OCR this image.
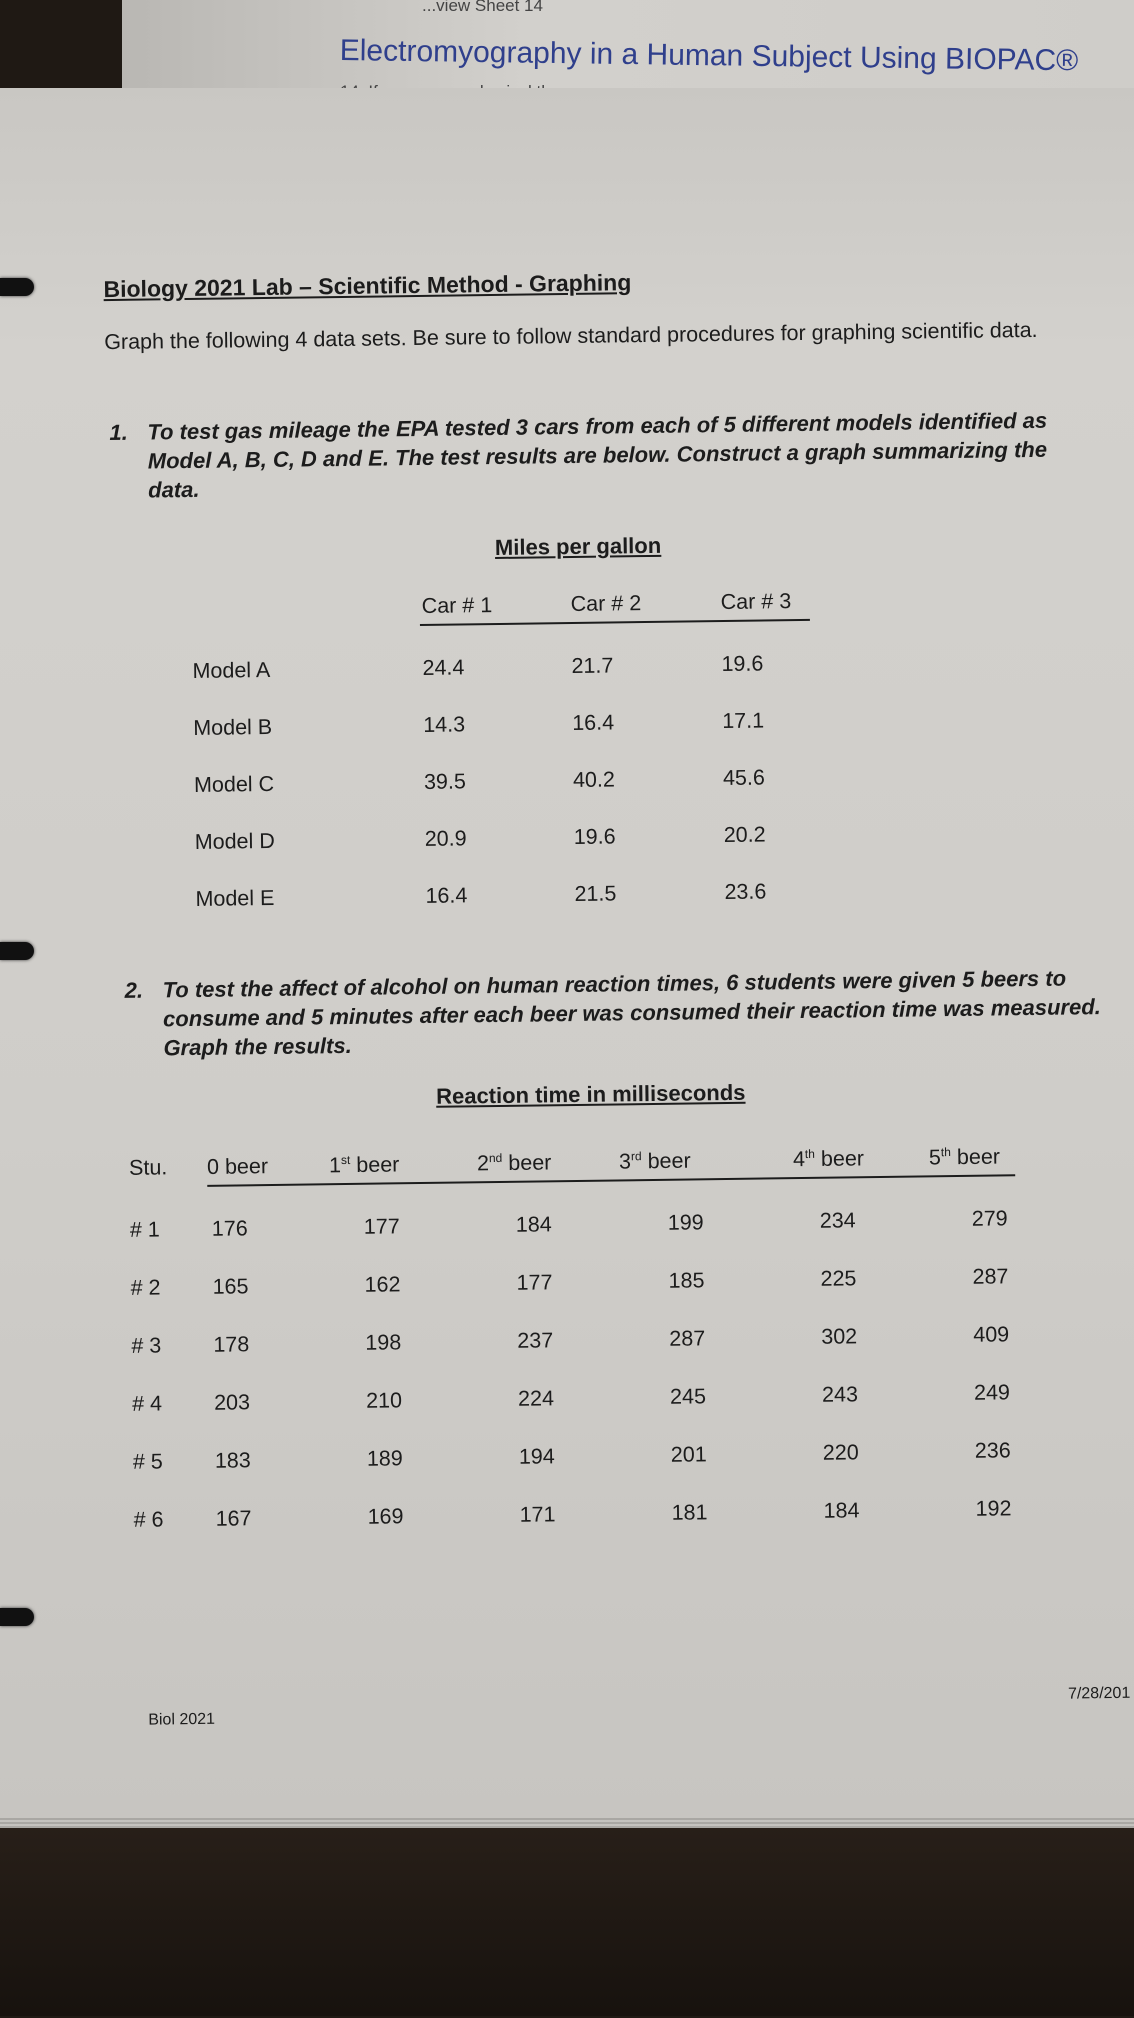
...view Sheet 14
Electromyography in a Human Subject Using BIOPAC®
Biology 2021 Lab – Scientific Method - Graphing
Graph the following 4 data sets. Be sure to follow standard procedures for graphing scientific data.
1. To test gas mileage the EPA tested 3 cars from each of 5 different models identified as Model A, B, C, D and E. The test results are below. Construct a graph summarizing the data.
Miles per gallon
Car # 1	Car # 2	Car # 3
Model A	24.4	21.7	19.6
Model B	14.3	16.4	17.1
Model C	39.5	40.2	45.6
Model D	20.9	19.6	20.2
Model E	16.4	21.5	23.6
2. To test the affect of alcohol on human reaction times, 6 students were given 5 beers to consume and 5 minutes after each beer was consumed their reaction time was measured. Graph the results.
Reaction time in milliseconds
Stu. 0 beer	1st beer	2nd beer	3rd beer	4th beer	5th beer
# 1 176	177	184	199	234	279
# 2 165	162	177	185	225	287
# 3 178	198	237	287	302	409
# 4 203	210	224	245	243	249
# 5 183	189	194	201	220	236
# 6 167	169	171	181	184	192
Biol 2021
7/28/201
